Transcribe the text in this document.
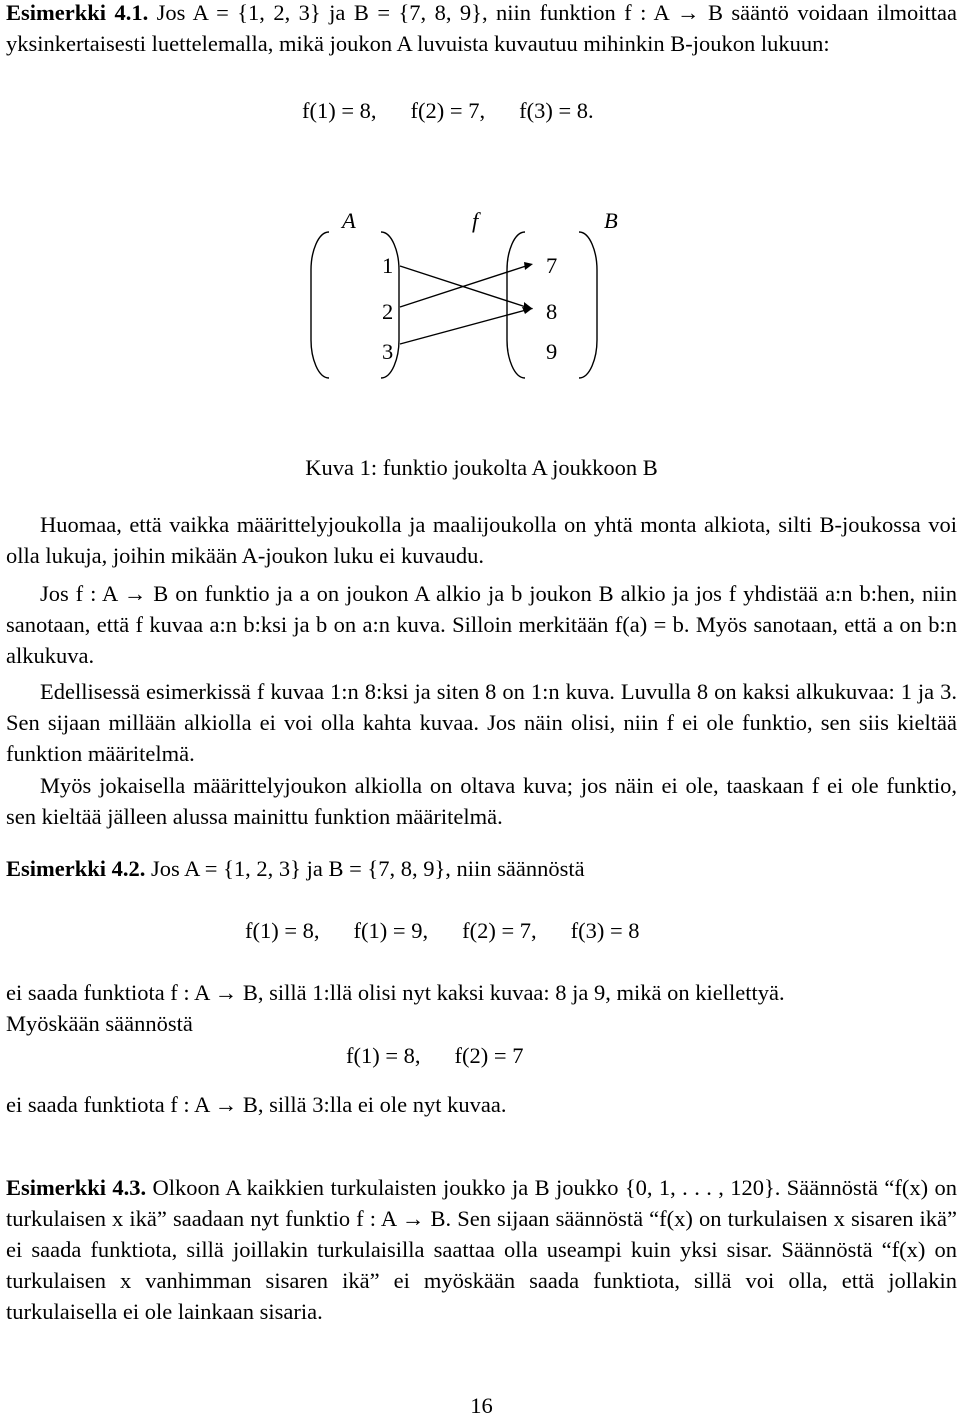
Esimerkki 4.1. Jos A = {1, 2, 3} ja B = {7, 8, 9}, niin funktion f : A → B sääntö voidaan ilmoittaa yksinkertaisesti luettelemalla, mikä joukon A luvuista kuvautuu mihinkin B-joukon lukuun:

f(1) = 8, f(2) = 7, f(3) = 8.
A	f	B
1
2
3
7
8
9
Kuva 1: funktio joukolta A joukkoon B

Huomaa, että vaikka määrittelyjoukolla ja maalijoukolla on yhtä monta alkiota, silti B-joukossa voi olla lukuja, joihin mikään A-joukon luku ei kuvaudu.

Jos f : A → B on funktio ja a on joukon A alkio ja b joukon B alkio ja jos f yhdistää a:n b:hen, niin sanotaan, että f kuvaa a:n b:ksi ja b on a:n kuva. Silloin merkitään f(a) = b. Myös sanotaan, että a on b:n alkukuva.

Edellisessä esimerkissä f kuvaa 1:n 8:ksi ja siten 8 on 1:n kuva. Luvulla 8 on kaksi alkukuvaa: 1 ja 3. Sen sijaan millään alkiolla ei voi olla kahta kuvaa. Jos näin olisi, niin f ei ole funktio, sen siis kieltää funktion määritelmä.

Myös jokaisella määrittelyjoukon alkiolla on oltava kuva; jos näin ei ole, taaskaan f ei ole funktio, sen kieltää jälleen alussa mainittu funktion määritelmä.

Esimerkki 4.2. Jos A = {1, 2, 3} ja B = {7, 8, 9}, niin säännöstä

f(1) = 8, f(1) = 9, f(2) = 7, f(3) = 8

ei saada funktiota f : A → B, sillä 1:llä olisi nyt kaksi kuvaa: 8 ja 9, mikä on kiellettyä.

Myöskään säännöstä

f(1) = 8, f(2) = 7

ei saada funktiota f : A → B, sillä 3:lla ei ole nyt kuvaa.

Esimerkki 4.3. Olkoon A kaikkien turkulaisten joukko ja B joukko {0, 1, . . . , 120}. Säännöstä “f(x) on turkulaisen x ikä” saadaan nyt funktio f : A → B. Sen sijaan säännöstä “f(x) on turkulaisen x sisaren ikä” ei saada funktiota, sillä joillakin turkulaisilla saattaa olla useampi kuin yksi sisar. Säännöstä “f(x) on turkulaisen x vanhimman sisaren ikä” ei myöskään saada funktiota, sillä voi olla, että jollakin turkulaisella ei ole lainkaan sisaria.

16
